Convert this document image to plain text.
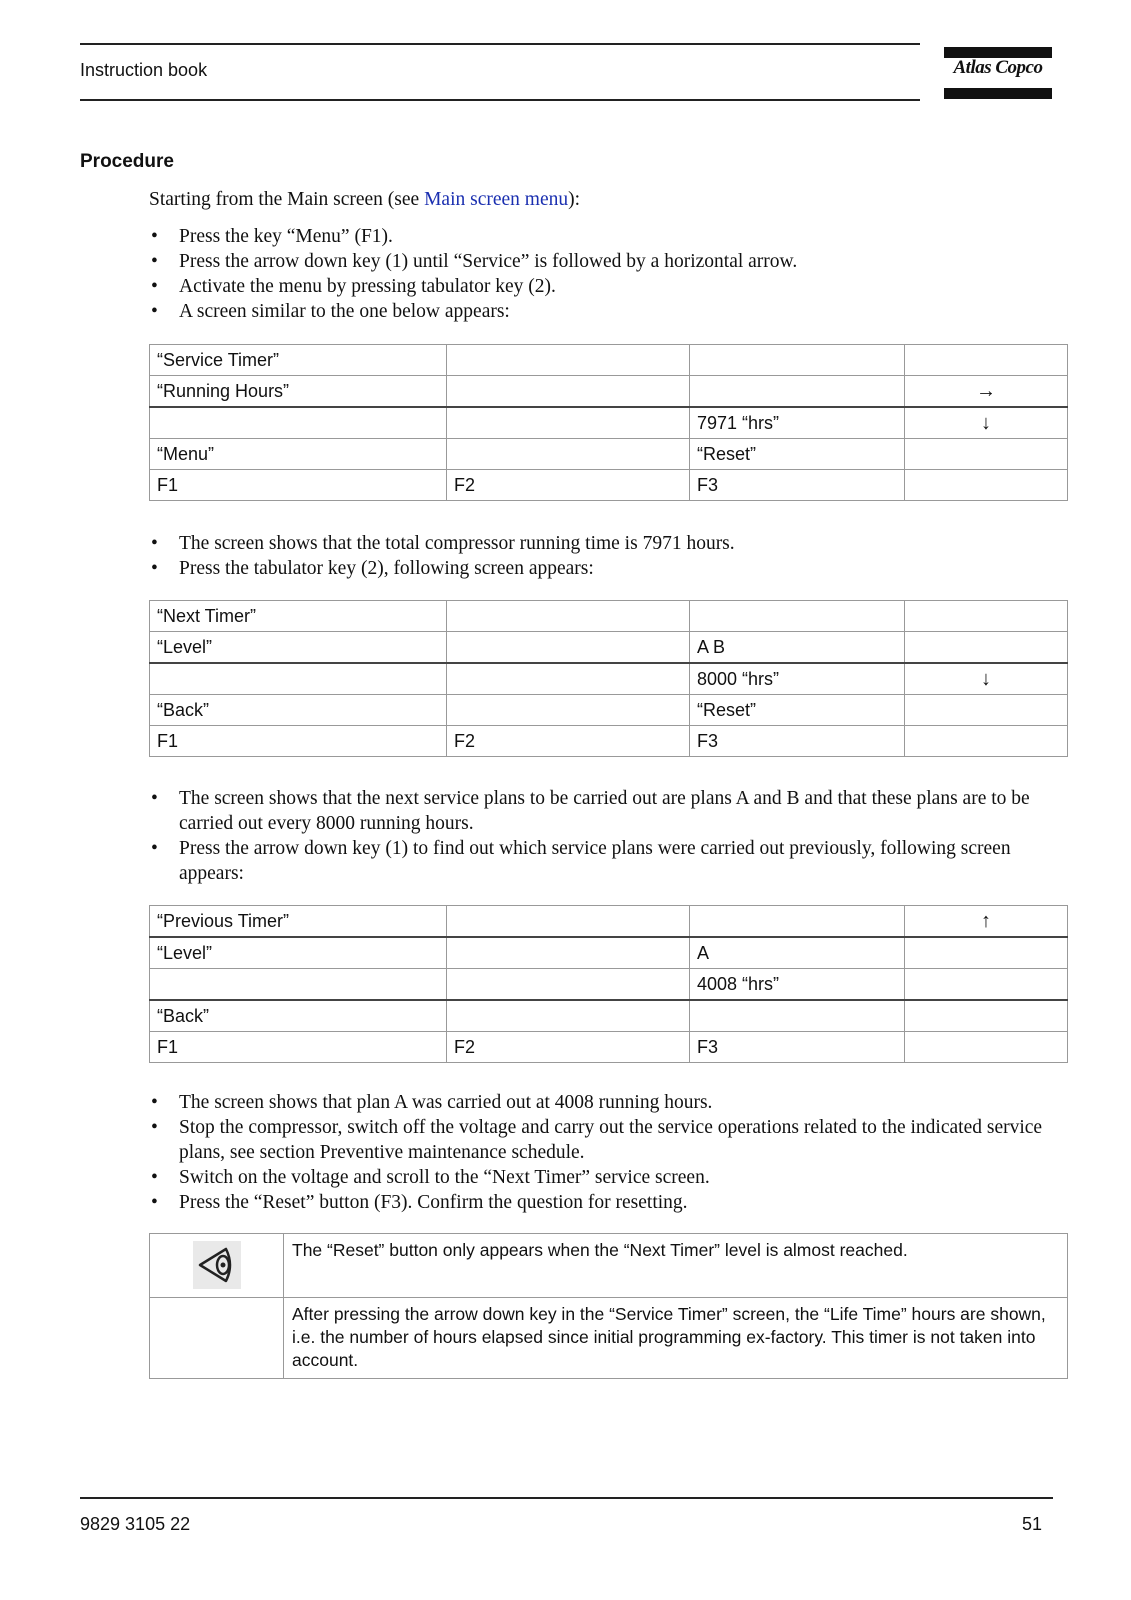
Instruction book	Atlas Copco
Procedure
Starting from the Main screen (see Main screen menu):
• Press the key “Menu” (F1).
• Press the arrow down key (1) until “Service” is followed by a horizontal arrow.
• Activate the menu by pressing tabulator key (2).
• A screen similar to the one below appears:
“Service Timer”			
“Running Hours”			→
		7971 “hrs”	↓
“Menu”		“Reset”	
F1	F2	F3	
• The screen shows that the total compressor running time is 7971 hours.
• Press the tabulator key (2), following screen appears:
“Next Timer”			
“Level”		A B	
		8000 “hrs”	↓
“Back”		“Reset”	
F1	F2	F3	
• The screen shows that the next service plans to be carried out are plans A and B and that these plans are to be carried out every 8000 running hours.
• Press the arrow down key (1) to find out which service plans were carried out previously, following screen appears:
“Previous Timer”			↑
“Level”		A	
		4008 “hrs”	
“Back”			
F1	F2	F3	
• The screen shows that plan A was carried out at 4008 running hours.
• Stop the compressor, switch off the voltage and carry out the service operations related to the indicated service plans, see section Preventive maintenance schedule.
• Switch on the voltage and scroll to the “Next Timer” service screen.
• Press the “Reset” button (F3). Confirm the question for resetting.
	The “Reset” button only appears when the “Next Timer” level is almost reached.
	After pressing the arrow down key in the “Service Timer” screen, the “Life Time” hours are shown, i.e. the number of hours elapsed since initial programming ex-factory. This timer is not taken into account.
9829 3105 22	51
